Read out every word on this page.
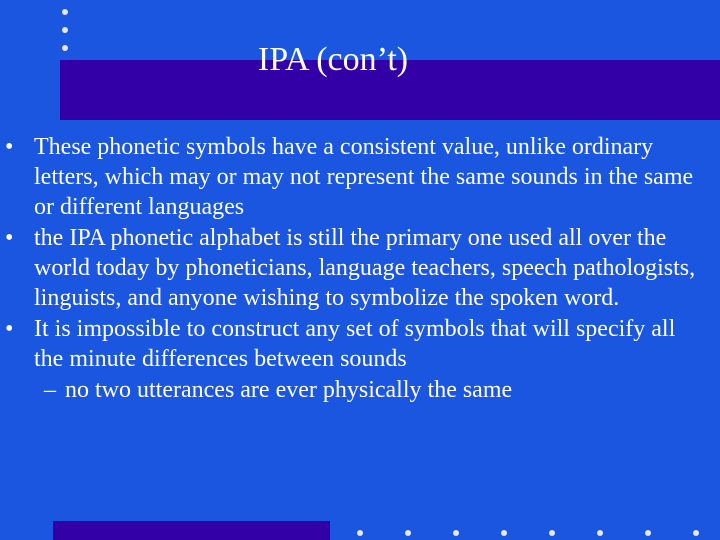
IPA (con’t)
• These phonetic symbols have a consistent value, unlike ordinary letters, which may or may not represent the same sounds in the same or different languages
• the IPA phonetic alphabet is still the primary one used all over the world today by phoneticians, language teachers, speech pathologists, linguists, and anyone wishing to symbolize the spoken word.
• It is impossible to construct any set of symbols that will specify all the minute differences between sounds
– no two utterances are ever physically the same
